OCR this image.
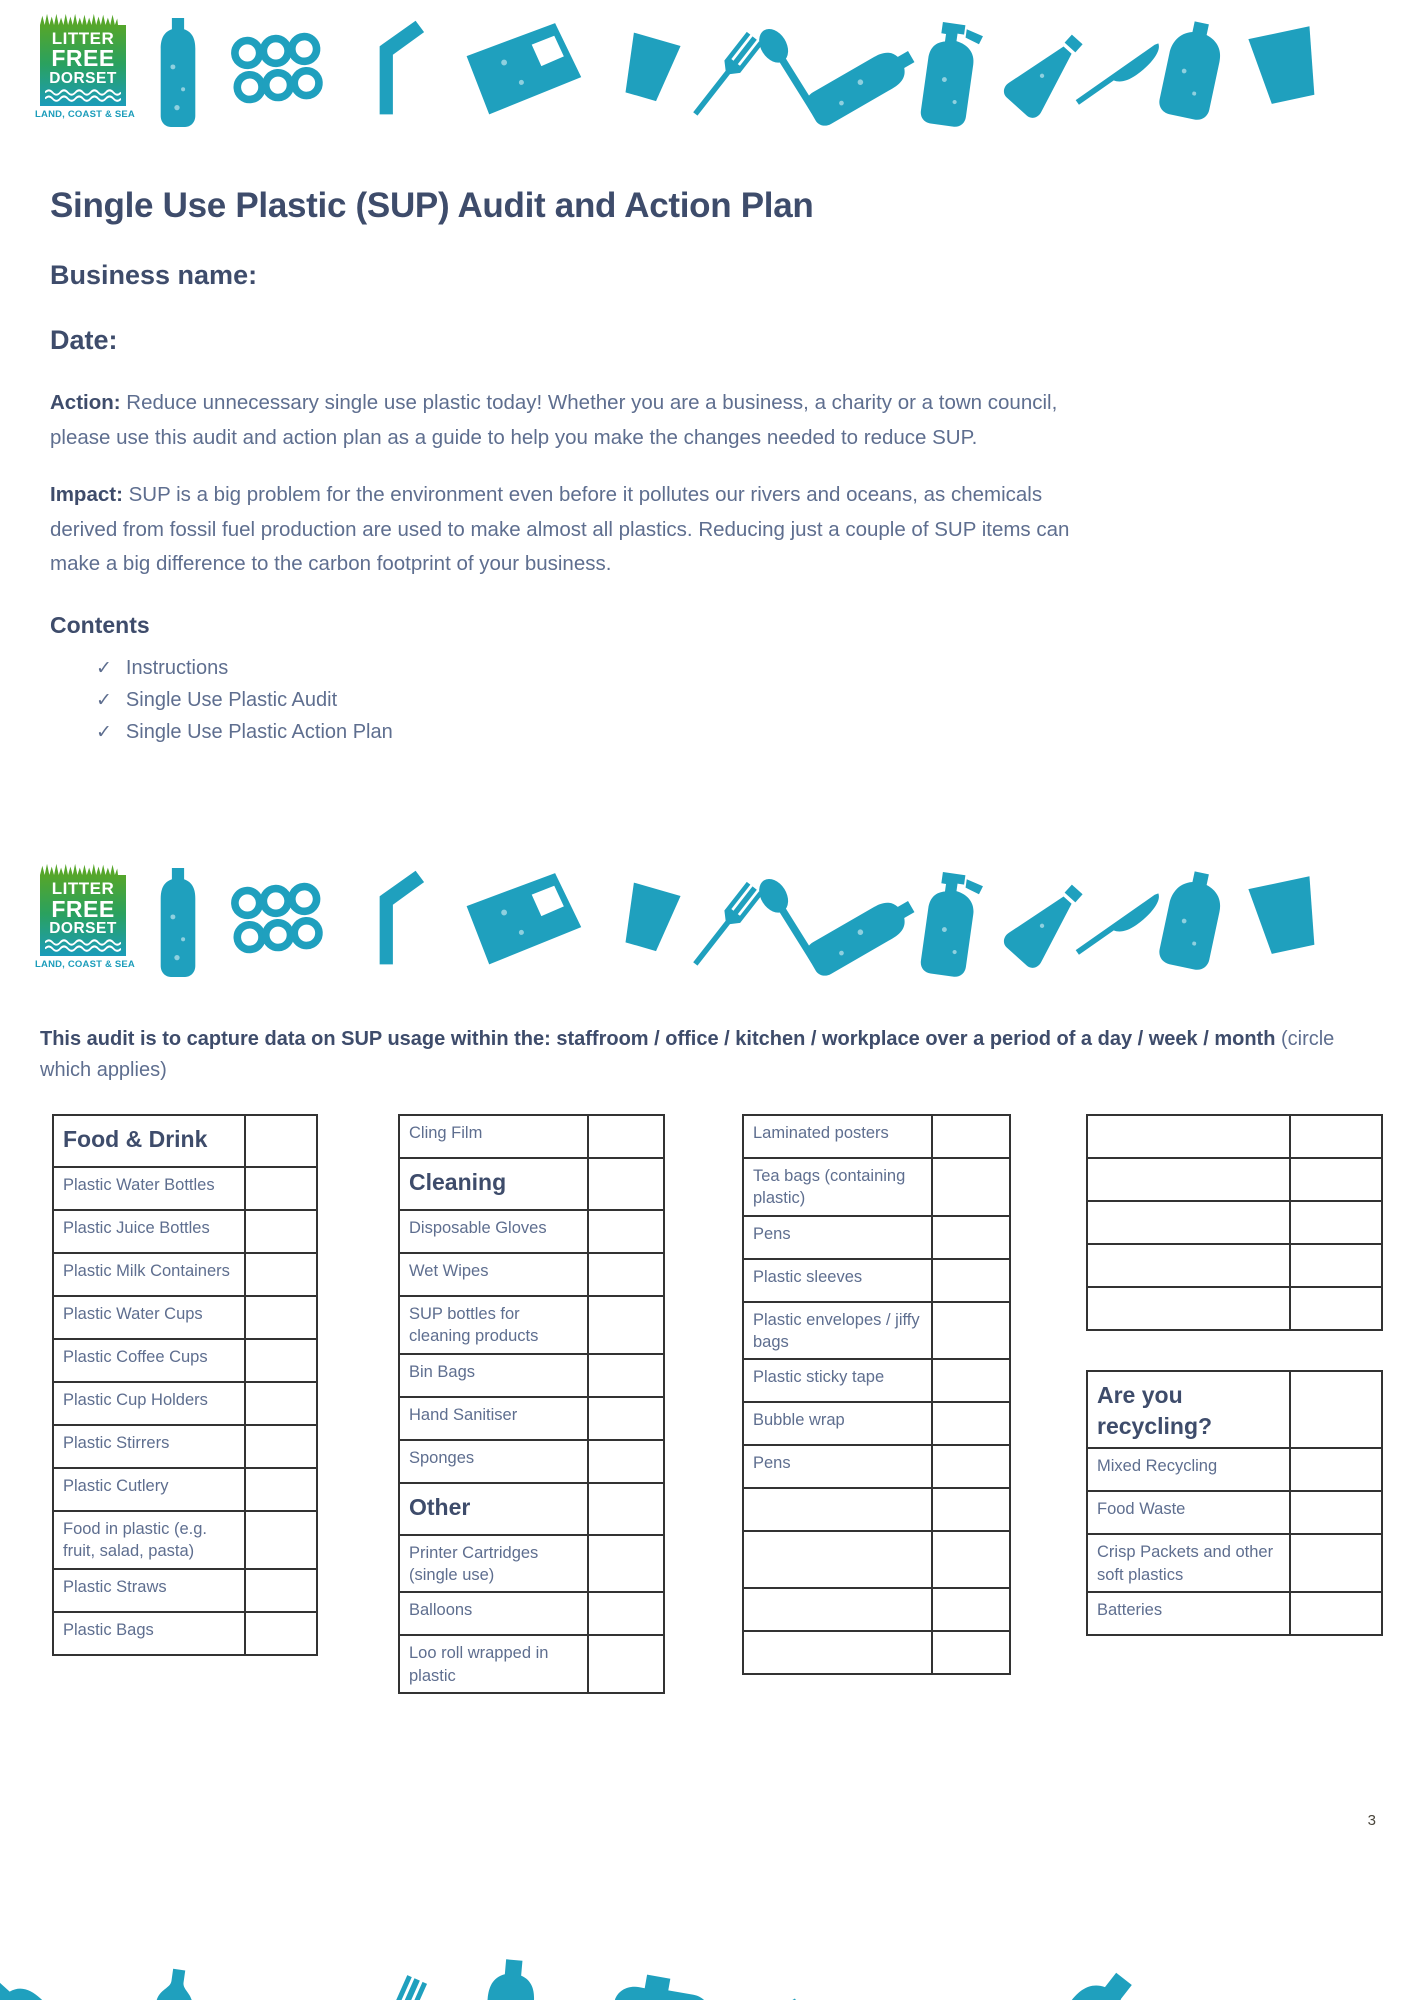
LITTER
FREE
DORSET
LAND, COAST & SEA
Single Use Plastic (SUP) Audit and Action Plan
Business name:
Date:

Action: Reduce unnecessary single use plastic today! Whether you are a business, a charity or a town council, please use this audit and action plan as a guide to help you make the changes needed to reduce SUP.

Impact: SUP is a big problem for the environment even before it pollutes our rivers and oceans, as chemicals derived from fossil fuel production are used to make almost all plastics. Reducing just a couple of SUP items can make a big difference to the carbon footprint of your business.

Contents
✓ Instructions
✓ Single Use Plastic Audit
✓ Single Use Plastic Action Plan
LITTER
FREE
DORSET
LAND, COAST & SEA

This audit is to capture data on SUP usage within the: staffroom / office / kitchen / workplace over a period of a day / week / month (circle which applies)

Food & Drink
Plastic Water Bottles
Plastic Juice Bottles
Plastic Milk Containers
Plastic Water Cups
Plastic Coffee Cups
Plastic Cup Holders
Plastic Stirrers
Plastic Cutlery
Food in plastic (e.g. fruit, salad, pasta)
Plastic Straws
Plastic Bags
Cling Film
Cleaning
Disposable Gloves
Wet Wipes
SUP bottles for cleaning products
Bin Bags
Hand Sanitiser
Sponges
Other
Printer Cartridges (single use)
Balloons
Loo roll wrapped in plastic
Laminated posters
Tea bags (containing plastic)
Pens
Plastic sleeves
Plastic envelopes / jiffy bags
Plastic sticky tape
Bubble wrap
Pens
Are you recycling?
Mixed Recycling
Food Waste
Crisp Packets and other soft plastics
Batteries
3
